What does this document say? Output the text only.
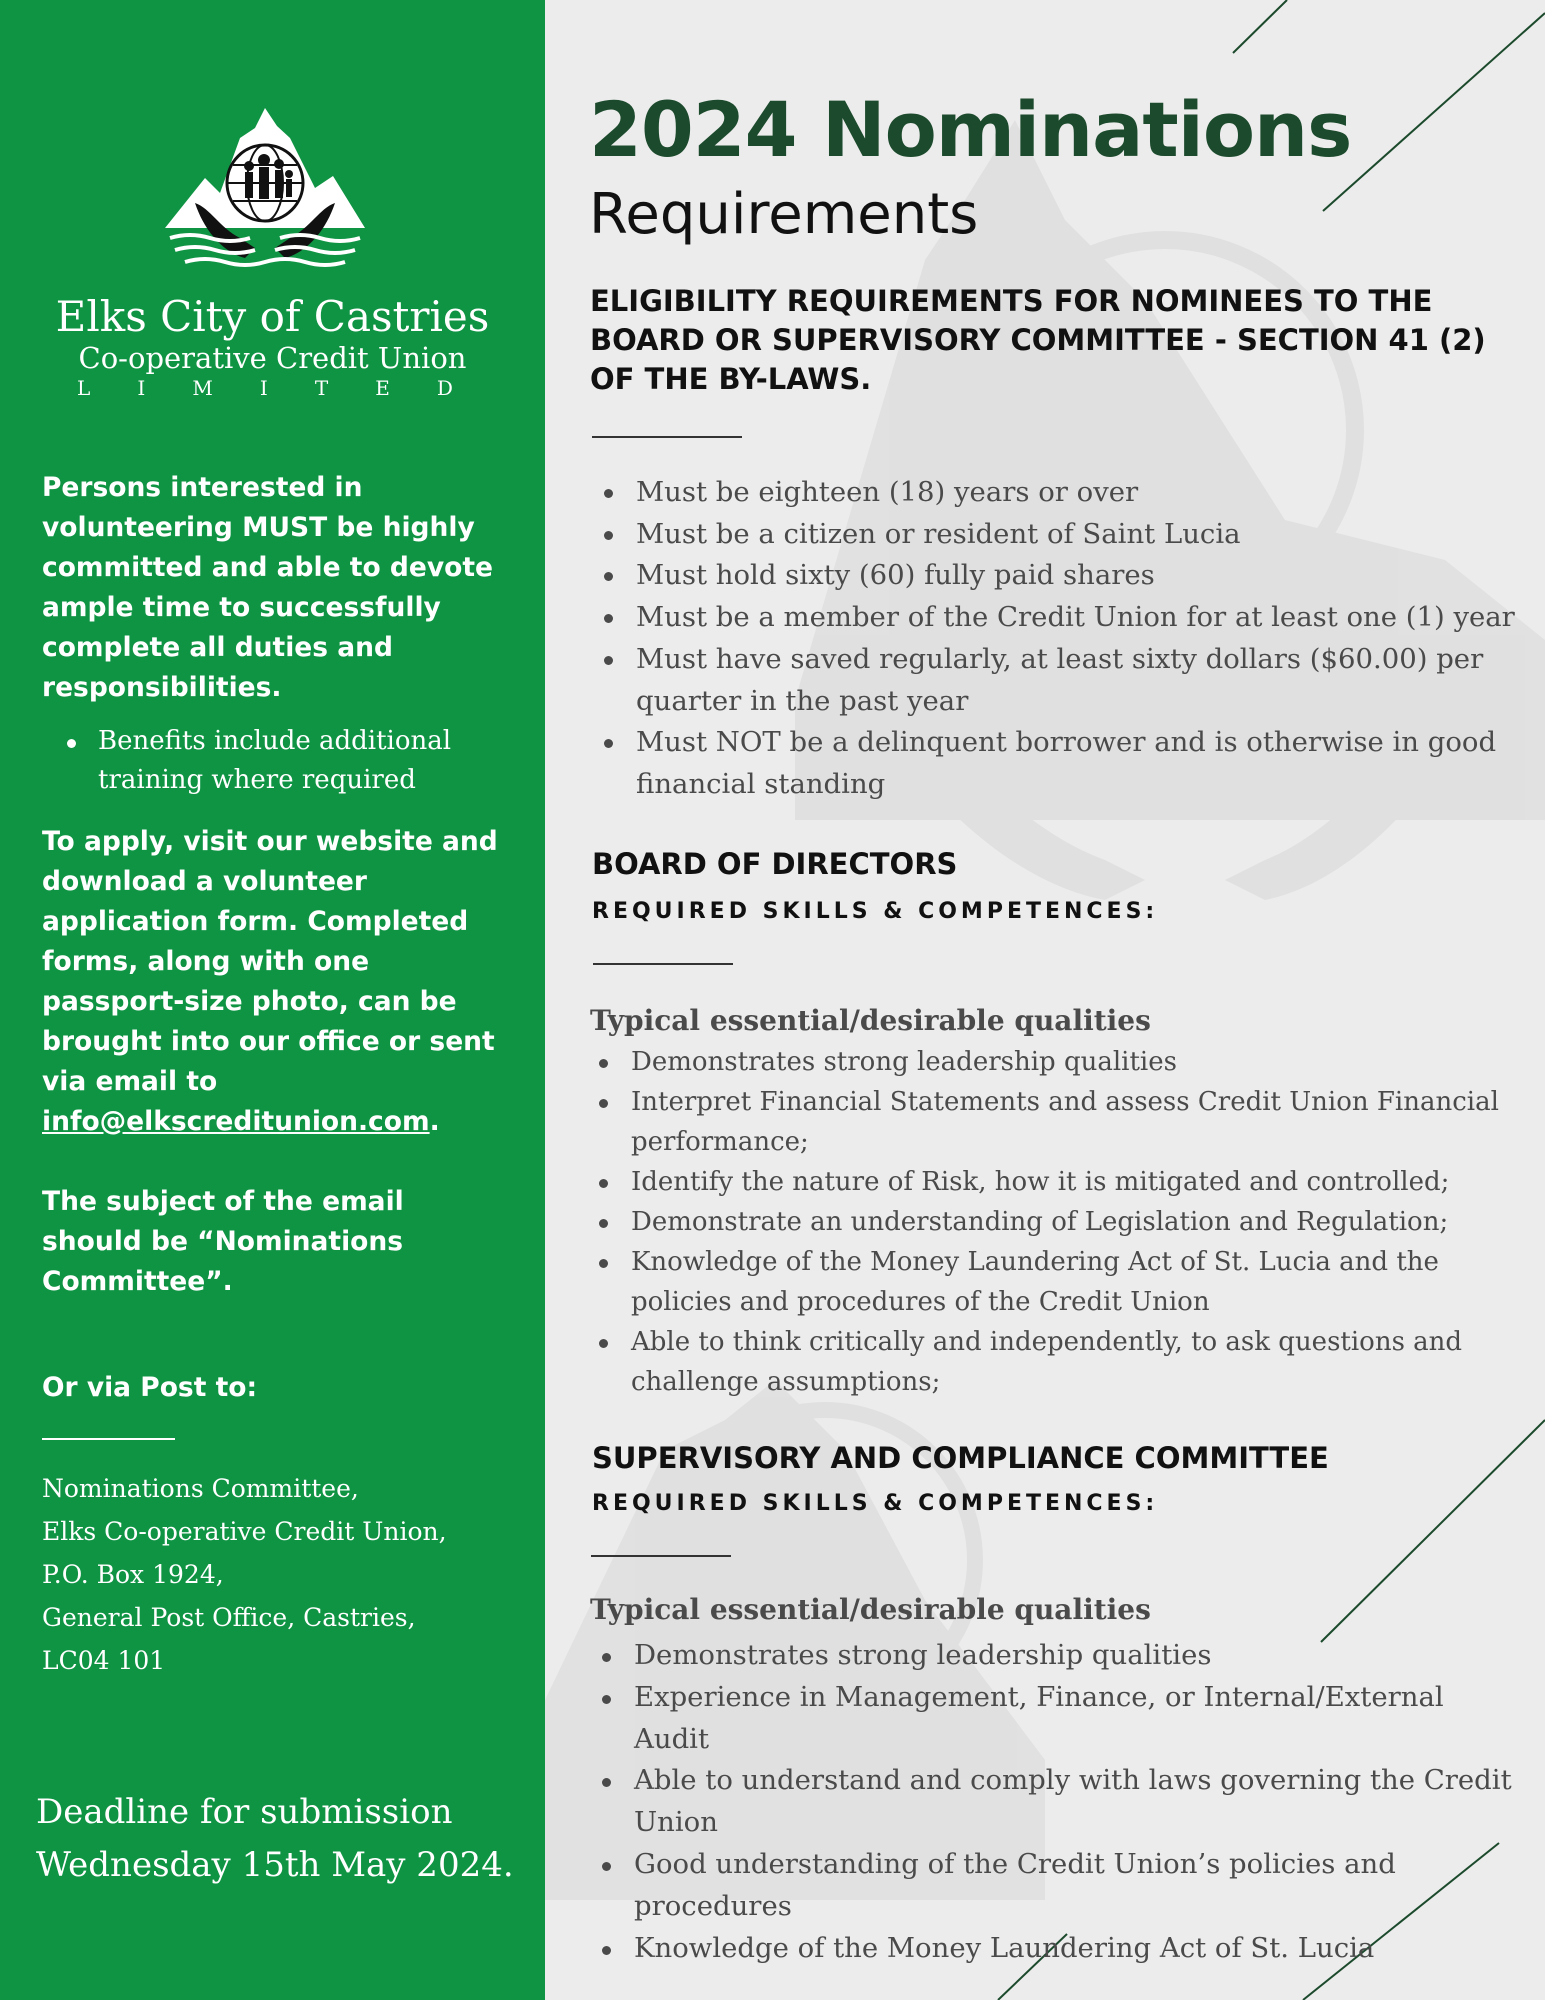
Elks City of Castries
Co-operative Credit Union
L I M I T E D
Persons interested in volunteering MUST be highly committed and able to devote ample time to successfully complete all duties and responsibilities.
Benefits include additional training where required
To apply, visit our website and download a volunteer application form. Completed forms, along with one passport-size photo, can be brought into our office or sent via email to info@elkscreditunion.com.
The subject of the email should be “Nominations Committee”.
Or via Post to:
Nominations Committee,
Elks Co-operative Credit Union,
P.O. Box 1924,
General Post Office, Castries,
LC04 101
Deadline for submission
Wednesday 15th May 2024.
2024 Nominations
Requirements
ELIGIBILITY REQUIREMENTS FOR NOMINEES TO THE BOARD OR SUPERVISORY COMMITTEE - SECTION 41 (2) OF THE BY-LAWS.
Must be eighteen (18) years or over
Must be a citizen or resident of Saint Lucia
Must hold sixty (60) fully paid shares
Must be a member of the Credit Union for at least one (1) year
Must have saved regularly, at least sixty dollars ($60.00) per quarter in the past year
Must NOT be a delinquent borrower and is otherwise in good financial standing
BOARD OF DIRECTORS
REQUIRED SKILLS & COMPETENCES:
Typical essential/desirable qualities
Demonstrates strong leadership qualities
Interpret Financial Statements and assess Credit Union Financial performance;
Identify the nature of Risk, how it is mitigated and controlled;
Demonstrate an understanding of Legislation and Regulation;
Knowledge of the Money Laundering Act of St. Lucia and the policies and procedures of the Credit Union
Able to think critically and independently, to ask questions and challenge assumptions;
SUPERVISORY AND COMPLIANCE COMMITTEE
REQUIRED SKILLS & COMPETENCES:
Typical essential/desirable qualities
Demonstrates strong leadership qualities
Experience in Management, Finance, or Internal/External Audit
Able to understand and comply with laws governing the Credit Union
Good understanding of the Credit Union’s policies and procedures
Knowledge of the Money Laundering Act of St. Lucia
